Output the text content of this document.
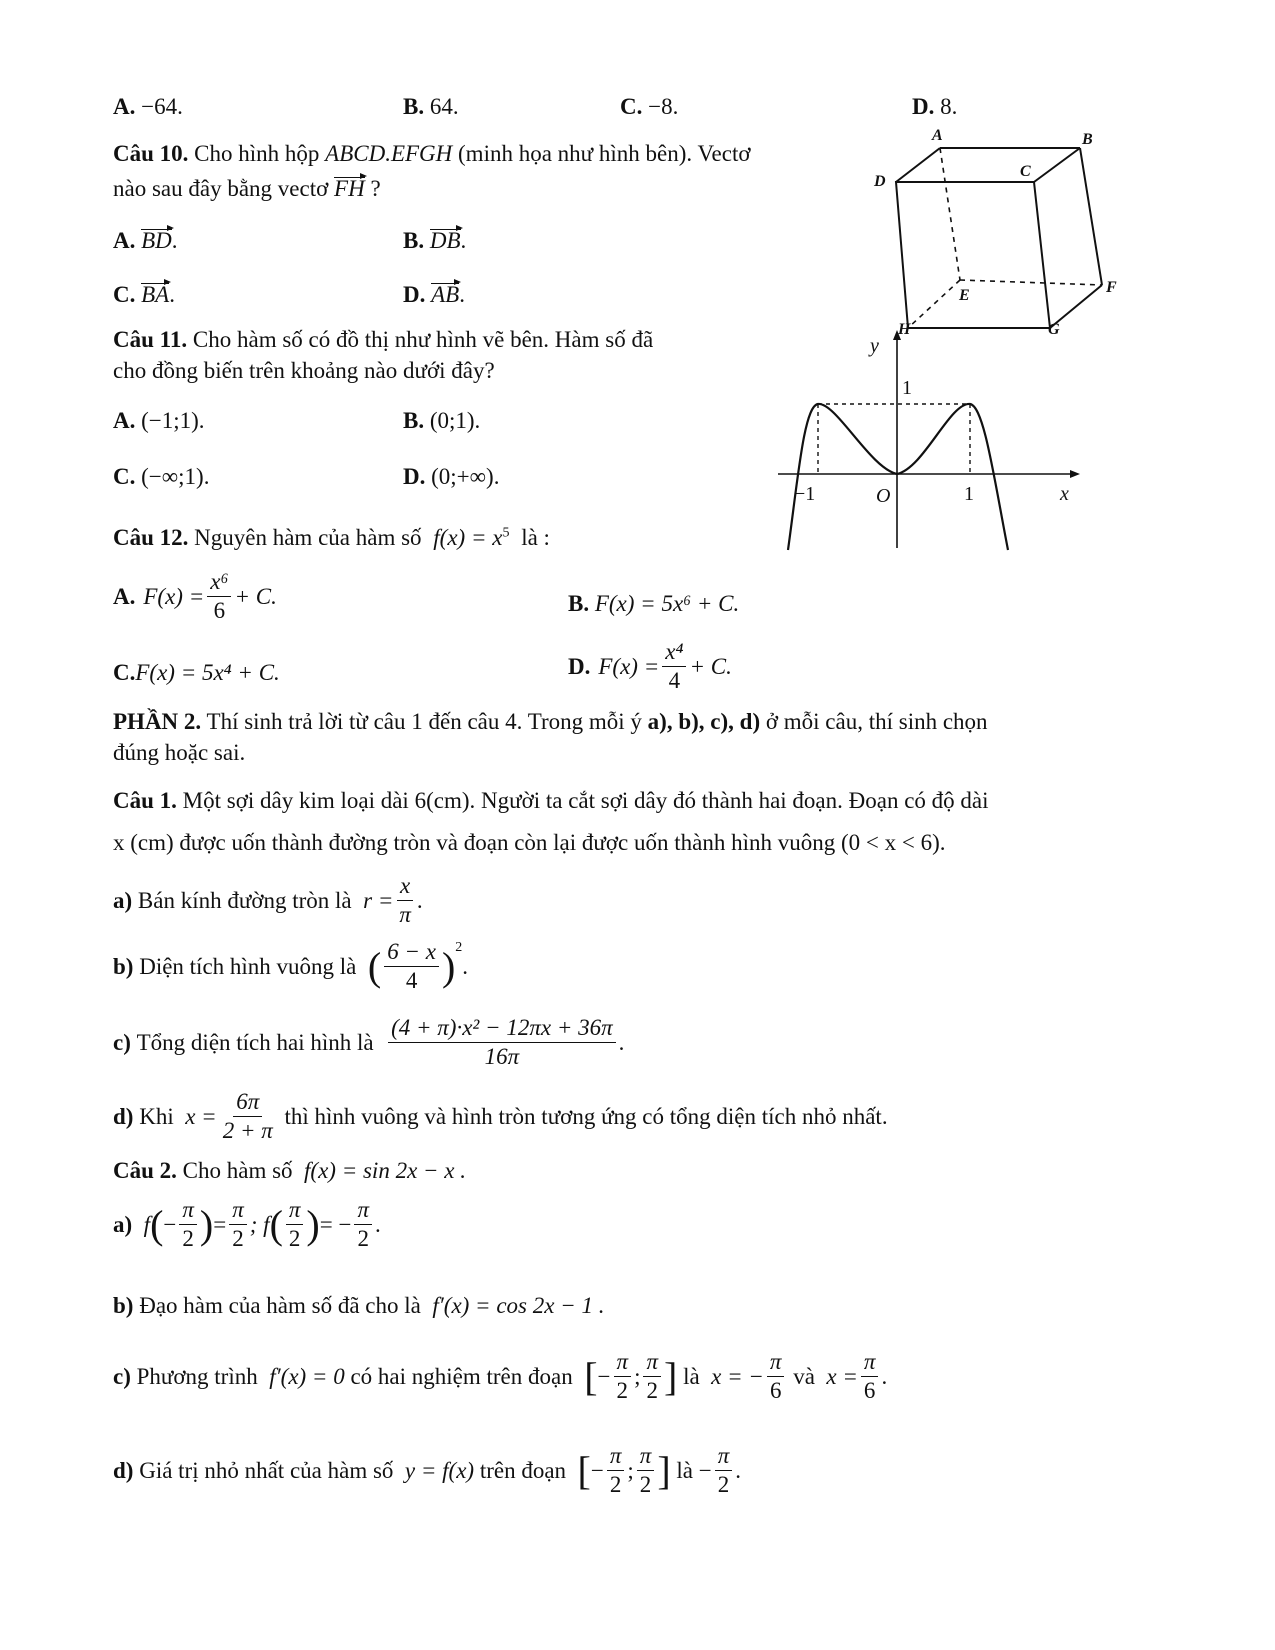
A. −64.	B. 64.	C. −8.	D. 8.
Câu 10. Cho hình hộp ABCD.EFGH (minh họa như hình bên). Vectơ
nào sau đây bằng vectơ FH ?
A. BD.	B. DB.
C. BA.	D. AB.
A	B
C
D
E	F
G
H
Câu 11. Cho hàm số có đồ thị như hình vẽ bên. Hàm số đã
cho đồng biến trên khoảng nào dưới đây?
A. (−1;1).	B. (0;1).
C. (−∞;1).	D. (0;+∞).
y
1
−1	O	1	x
Câu 12. Nguyên hàm của hàm số $f(x) = x^5$ là :
A. $F(x) = \frac{\text{x⁶}}{6} + C$.	B. F(x) = 5x⁶ + C.
C.F(x) = 5x⁴ + C.	D. $F(x) = \frac{\text{x⁴}}{4} + C$.
PHẦN 2. Thí sinh trả lời từ câu 1 đến câu 4. Trong mỗi ý a), b), c), d) ở mỗi câu, thí sinh chọn
đúng hoặc sai.
Câu 1. Một sợi dây kim loại dài 6(cm). Người ta cắt sợi dây đó thành hai đoạn. Đoạn có độ dài
x (cm) được uốn thành đường tròn và đoạn còn lại được uốn thành hình vuông (0 < x < 6).
a)
Bán kính đường tròn là
$r = \frac{x}{\pi}$ .
b)
Diện tích hình vuông là
( $\frac{6 - x}{4} )^2$
.
c)
Tổng diện tích hai hình là
$\frac{\text{(4 + π)·x² − 12πx + 36π}}{16\pi}$ .
d)
Khi
$x = \frac{6\pi}{2 + \pi}$
thì hình vuông và hình tròn tương ứng có tổng diện tích nhỏ nhất.
Câu 2. Cho hàm số f(x) = sin 2x − x .
a)
f ( − $\frac{\pi}{2}$ ) = $\frac{\pi}{2}$ ; f ( $\frac{\pi}{2}$ ) = − $\frac{\pi}{2}$ .
b) Đạo hàm của hàm số đã cho là f′(x) = cos 2x − 1 .
c)
Phương trình
f′(x) = 0
có hai nghiệm trên đoạn
[ − $\frac{\pi}{2}$ ; $\frac{\pi}{2}$ ]
là
x = − $\frac{\pi}{6}$
và
$x = \frac{\pi}{6}$ .
d)
Giá trị nhỏ nhất của hàm số
y = f(x)
trên đoạn
[ − $\frac{\pi}{2}$ ; $\frac{\pi}{2}$ ]
là
− $\frac{\pi}{2}$ .
